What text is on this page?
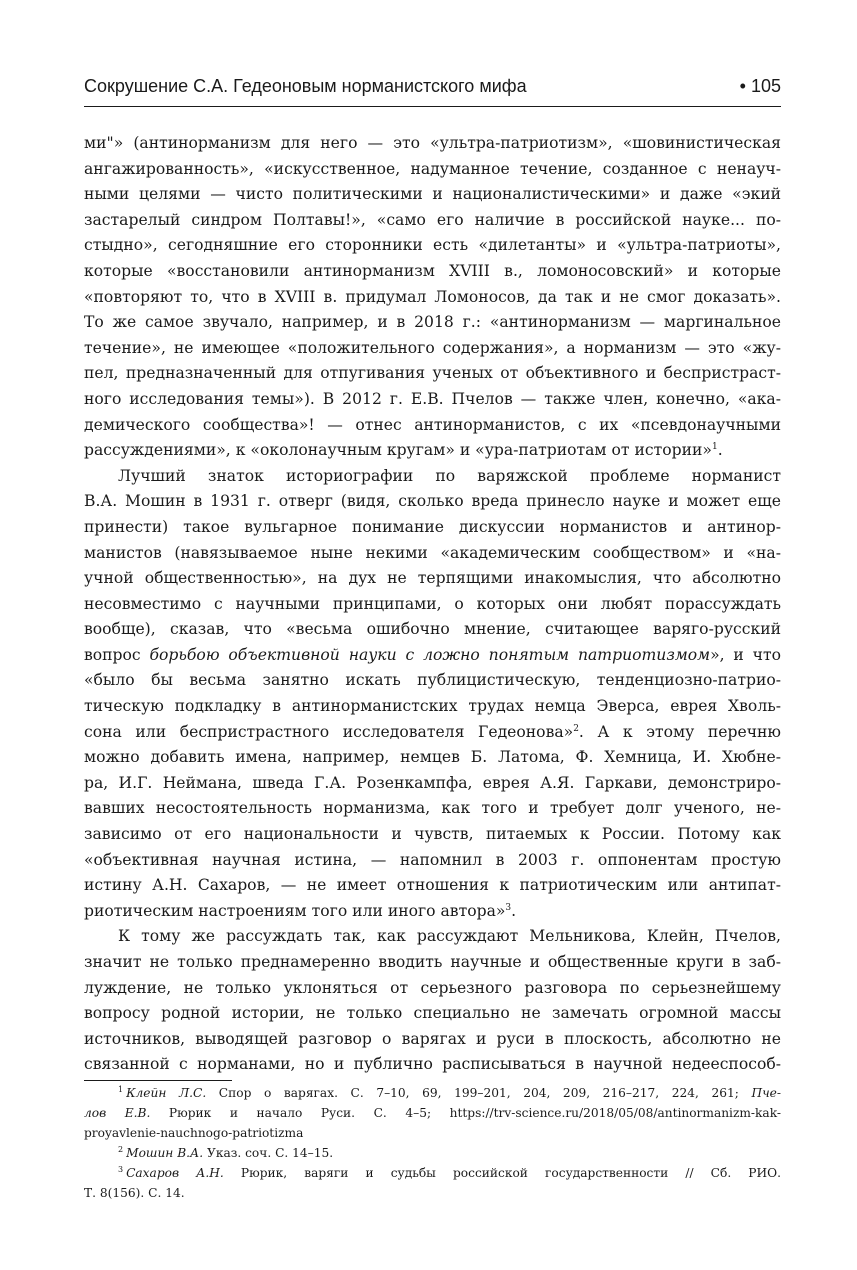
Сокрушение С.А. Гедеоновым норманистского мифа	• 105
ми"» (антинорманизм для него — это «ультра-патриотизм», «шовинистическая
ангажированность», «искусственное, надуманное течение, созданное с ненауч-
ными целями — чисто политическими и националистическими» и даже «экий
застарелый синдром Полтавы!», «само его наличие в российской науке... по-
стыдно», сегодняшние его сторонники есть «дилетанты» и «ультра-патриоты»,
которые «восстановили антинорманизм XVIII в., ломоносовский» и которые
«повторяют то, что в XVIII в. придумал Ломоносов, да так и не смог доказать».
То же самое звучало, например, и в 2018 г.: «антинорманизм — маргинальное
течение», не имеющее «положительного содержания», а норманизм — это «жу-
пел, предназначенный для отпугивания ученых от объективного и беспристраст-
ного исследования темы»). В 2012 г. Е.В. Пчелов — также член, конечно, «ака-
демического сообщества»! — отнес антинорманистов, с их «псевдонаучными
рассуждениями», к «околонаучным кругам» и «ура-патриотам от истории»$^1$.
Лучший знаток историографии по варяжской проблеме норманист
В.А. Мошин в 1931 г. отверг (видя, сколько вреда принесло науке и может еще
принести) такое вульгарное понимание дискуссии норманистов и антинор-
манистов (навязываемое ныне некими «академическим сообществом» и «на-
учной общественностью», на дух не терпящими инакомыслия, что абсолютно
несовместимо с научными принципами, о которых они любят порассуждать
вообще), сказав, что «весьма ошибочно мнение, считающее варяго-русский
вопрос борьбою объективной науки с ложно понятым патриотизмом», и что
«было бы весьма занятно искать публицистическую, тенденциозно-патрио-
тическую подкладку в антинорманистских трудах немца Эверса, еврея Хволь-
сона или беспристрастного исследователя Гедеонова»$^2$. А к этому перечню
можно добавить имена, например, немцев Б. Латома, Ф. Хемница, И. Хюбне-
ра, И.Г. Неймана, шведа Г.А. Розенкампфа, еврея А.Я. Гаркави, демонстриро-
вавших несостоятельность норманизма, как того и требует долг ученого, не-
зависимо от его национальности и чувств, питаемых к России. Потому как
«объективная научная истина, — напомнил в 2003 г. оппонентам простую
истину А.Н. Сахаров, — не имеет отношения к патриотическим или антипат-
риотическим настроениям того или иного автора»$^3$.
К тому же рассуждать так, как рассуждают Мельникова, Клейн, Пчелов,
значит не только преднамеренно вводить научные и общественные круги в заб-
луждение, не только уклоняться от серьезного разговора по серьезнейшему
вопросу родной истории, не только специально не замечать огромной массы
источников, выводящей разговор о варягах и руси в плоскость, абсолютно не
связанной с норманами, но и публично расписываться в научной недееспособ-
$^1$ Клейн Л.С. Спор о варягах. С. 7–10, 69, 199–201, 204, 209, 216–217, 224, 261; Пче-
лов Е.В. Рюрик и начало Руси. С. 4–5; https://trv-science.ru/2018/05/08/antinormanizm-kak-
proyavlenie-nauchnogo-patriotizma
$^2$ Мошин В.А. Указ. соч. С. 14–15.
$^3$ Сахаров А.Н. Рюрик, варяги и судьбы российской государственности // Сб. РИО.
Т. 8(156). С. 14.
